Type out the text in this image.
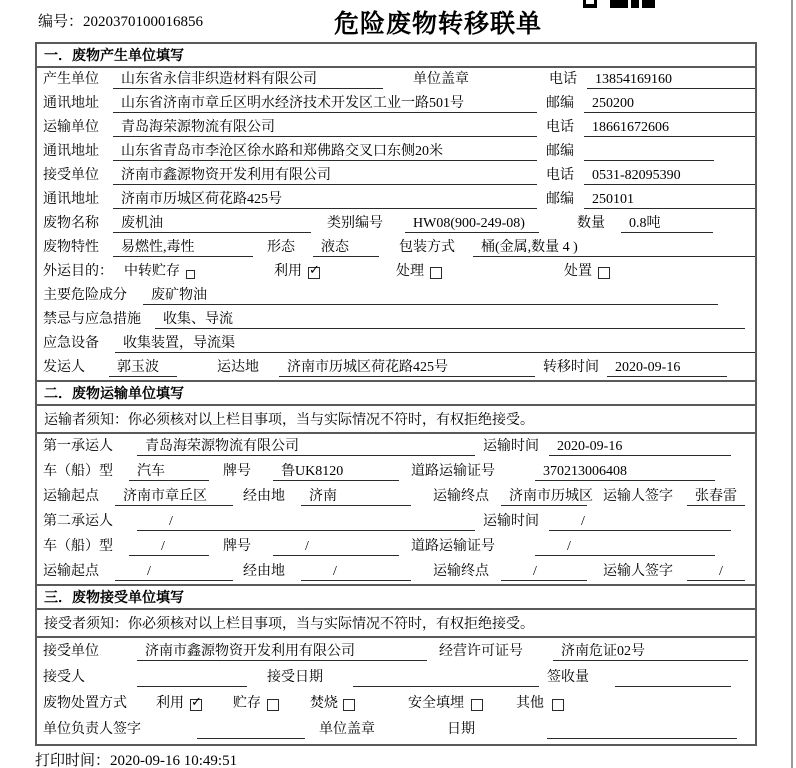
编号：2020370100016856	危险废物转移联单
一．废物产生单位填写
产生单位	山东省永信非织造材料有限公司	单位盖章	电话	13854169160
通讯地址	山东省济南市章丘区明水经济技术开发区工业一路501号	邮编	250200
运输单位	青岛海荣源物流有限公司	电话	18661672606
通讯地址	山东省青岛市李沧区徐水路和郑佛路交叉口东侧20米	邮编
接受单位	济南市鑫源物资开发利用有限公司	电话	0531-82095390
通讯地址	济南市历城区荷花路425号	邮编	250101
废物名称	废机油	类别编号	HW08(900-249-08)	数量	0.8吨
废物特性	易燃性,毒性	形态	液态	包装方式	桶(金属,数量 4 )
外运目的： 中转贮存	利用 ✓	处理	处置
主要危险成分	废矿物油
禁忌与应急措施	收集、导流
应急设备	收集装置，导流渠
发运人	郭玉波	运达地	济南市历城区荷花路425号	转移时间	2020-09-16
二．废物运输单位填写
运输者须知：你必须核对以上栏目事项，当与实际情况不符时，有权拒绝接受。
第一承运人	青岛海荣源物流有限公司	运输时间	2020-09-16
车（船）型	汽车	牌号	鲁UK8120	道路运输证号	370213006408
运输起点	济南市章丘区	经由地	济南	运输终点	济南市历城区 运输人签字	张春雷
第二承运人	/	运输时间	/
车（船）型	/	牌号	/	道路运输证号	/
运输起点	/	经由地	/	运输终点	/	运输人签字	/
三．废物接受单位填写
接受者须知：你必须核对以上栏目事项，当与实际情况不符时，有权拒绝接受。
接受单位	济南市鑫源物资开发利用有限公司	经营许可证号	济南危证02号
接受人	接受日期	签收量
废物处置方式 利用 ✓ 贮存	焚烧	安全填埋	其他
单位负责人签字	单位盖章	日期
打印时间：2020-09-16 10:49:51
